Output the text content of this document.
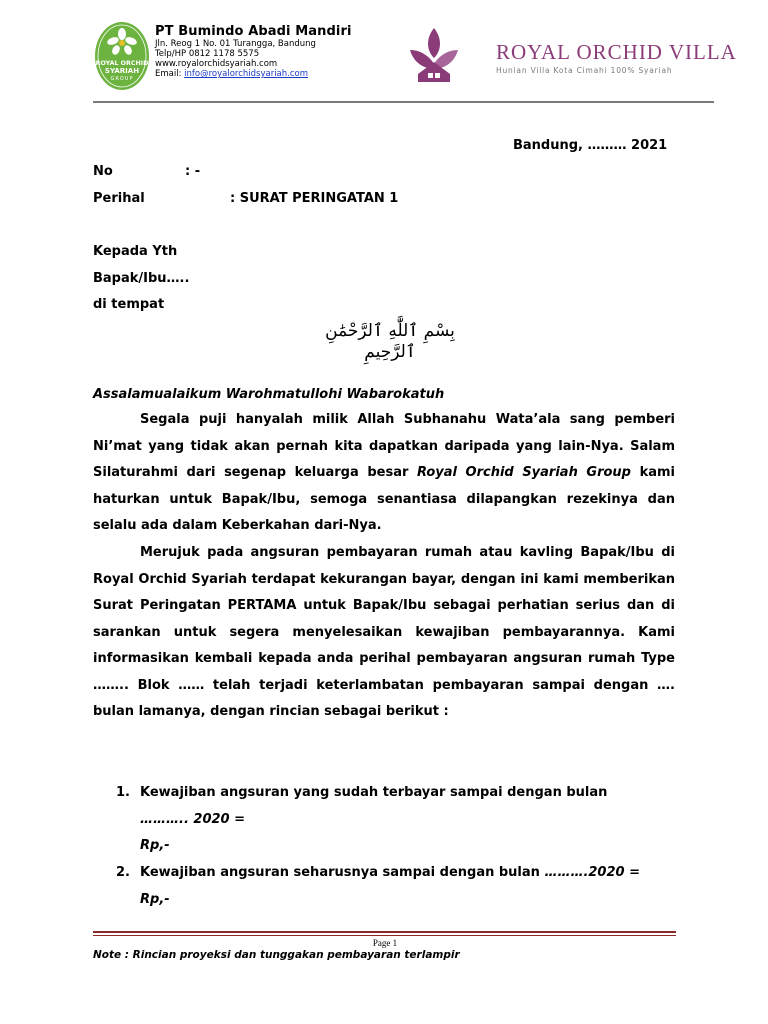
ROYAL ORCHID
SYARIAH
GROUP
PT Bumindo Abadi Mandiri
Jln. Reog 1 No. 01 Turangga, Bandung
Telp/HP 0812 1178 5575
www.royalorchidsyariah.com
Email: info@royalorchidsyariah.com
ROYAL ORCHID VILLA
Hunian Villa Kota Cimahi 100% Syariah
Bandung, ……… 2021
No	: -
Perihal	: SURAT PERINGATAN 1
Kepada Yth
Bapak/Ibu…..
di tempat
بِسْمِ ٱللَّٰهِ ٱلرَّحْمَٰنِ ٱلرَّحِيمِ
Assalamualaikum Warohmatullohi Wabarokatuh
Segala puji hanyalah milik Allah Subhanahu Wata’ala sang pemberi Ni’mat yang tidak akan pernah kita dapatkan daripada yang lain-Nya. Salam Silaturahmi dari segenap keluarga besar Royal Orchid Syariah Group kami haturkan untuk Bapak/Ibu, semoga senantiasa dilapangkan rezekinya dan selalu ada dalam Keberkahan dari-Nya.
Merujuk pada angsuran pembayaran rumah atau kavling Bapak/Ibu di Royal Orchid Syariah terdapat kekurangan bayar, dengan ini kami memberikan Surat Peringatan PERTAMA untuk Bapak/Ibu sebagai perhatian serius dan di sarankan untuk segera menyelesaikan kewajiban pembayarannya. Kami informasikan kembali kepada anda perihal pembayaran angsuran rumah Type …….. Blok …… telah terjadi keterlambatan pembayaran sampai dengan …. bulan lamanya, dengan rincian sebagai berikut :
1. Kewajiban angsuran yang sudah terbayar sampai dengan bulan
……….. 2020 =
Rp,-
2. Kewajiban angsuran seharusnya sampai dengan bulan ……….2020 =
Rp,-
Page 1
Note : Rincian proyeksi dan tunggakan pembayaran terlampir
